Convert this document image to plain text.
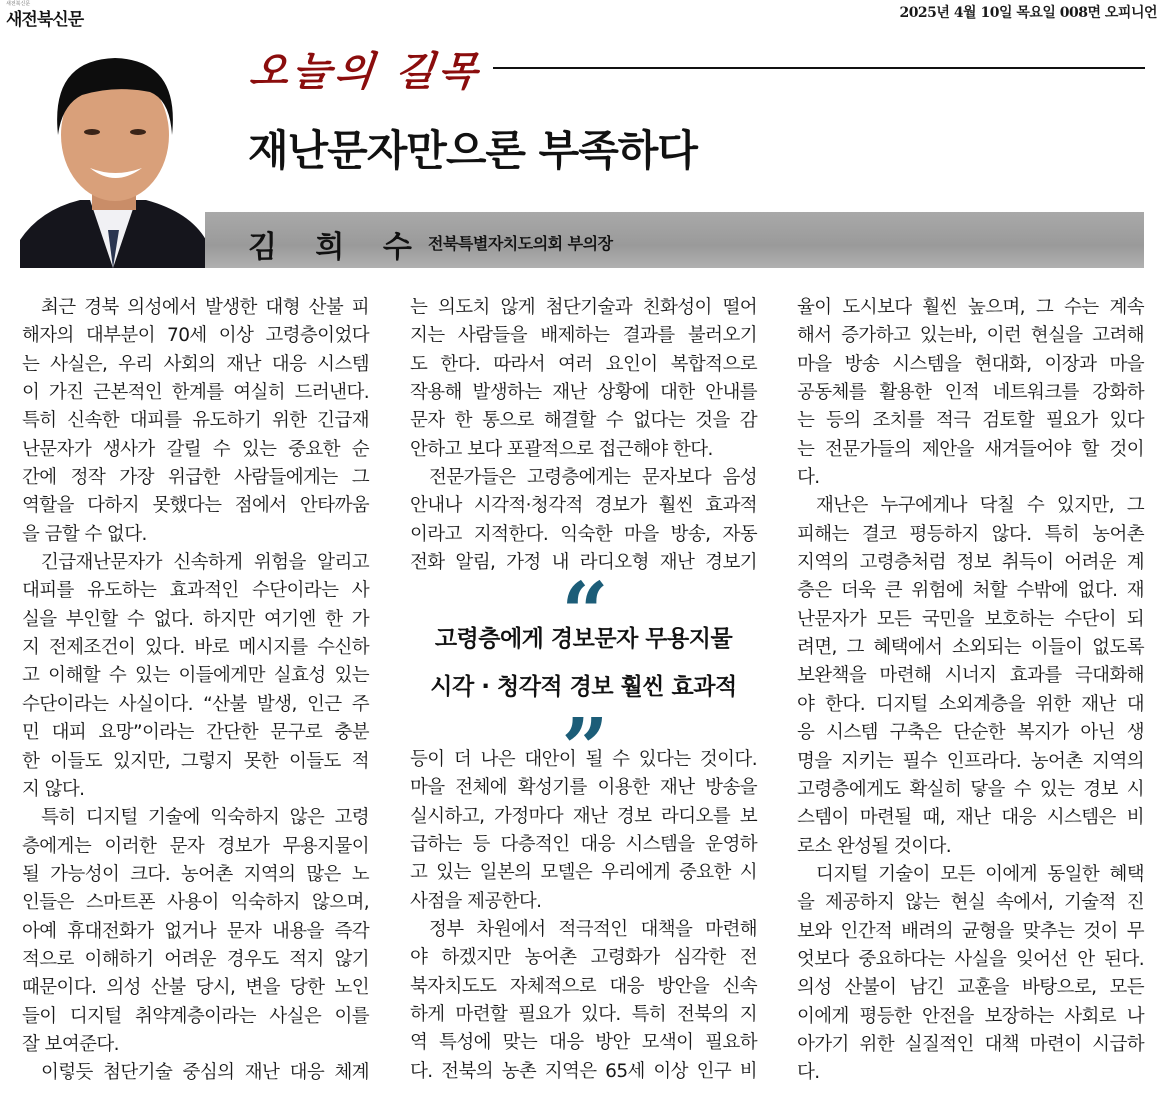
새전북신문
새전북신문	2025년 4월 10일 목요일 008면 오피니언
오늘의 길목
재난문자만으론 부족하다
김 희 수 전북특별자치도의회 부의장
최근 경북 의성에서 발생한 대형 산불 피
해자의 대부분이 70세 이상 고령층이었다
는 사실은, 우리 사회의 재난 대응 시스템
이 가진 근본적인 한계를 여실히 드러낸다.
특히 신속한 대피를 유도하기 위한 긴급재
난문자가 생사가 갈릴 수 있는 중요한 순
간에 정작 가장 위급한 사람들에게는 그
역할을 다하지 못했다는 점에서 안타까움
을 금할 수 없다.
긴급재난문자가 신속하게 위험을 알리고
대피를 유도하는 효과적인 수단이라는 사
실을 부인할 수 없다. 하지만 여기엔 한 가
지 전제조건이 있다. 바로 메시지를 수신하
고 이해할 수 있는 이들에게만 실효성 있는
수단이라는 사실이다. “산불 발생, 인근 주
민 대피 요망”이라는 간단한 문구로 충분
한 이들도 있지만, 그렇지 못한 이들도 적
지 않다.
특히 디지털 기술에 익숙하지 않은 고령
층에게는 이러한 문자 경보가 무용지물이
될 가능성이 크다. 농어촌 지역의 많은 노
인들은 스마트폰 사용이 익숙하지 않으며,
아예 휴대전화가 없거나 문자 내용을 즉각
적으로 이해하기 어려운 경우도 적지 않기
때문이다. 의성 산불 당시, 변을 당한 노인
들이 디지털 취약계층이라는 사실은 이를
잘 보여준다.
이렇듯 첨단기술 중심의 재난 대응 체계
는 의도치 않게 첨단기술과 친화성이 떨어
지는 사람들을 배제하는 결과를 불러오기
도 한다. 따라서 여러 요인이 복합적으로
작용해 발생하는 재난 상황에 대한 안내를
문자 한 통으로 해결할 수 없다는 것을 감
안하고 보다 포괄적으로 접근해야 한다.
전문가들은 고령층에게는 문자보다 음성
안내나 시각적·청각적 경보가 훨씬 효과적
이라고 지적한다. 익숙한 마을 방송, 자동
전화 알림, 가정 내 라디오형 재난 경보기
등이 더 나은 대안이 될 수 있다는 것이다.
마을 전체에 확성기를 이용한 재난 방송을
실시하고, 가정마다 재난 경보 라디오를 보
급하는 등 다층적인 대응 시스템을 운영하
고 있는 일본의 모델은 우리에게 중요한 시
사점을 제공한다.
정부 차원에서 적극적인 대책을 마련해
야 하겠지만 농어촌 고령화가 심각한 전
북자치도도 자체적으로 대응 방안을 신속
하게 마련할 필요가 있다. 특히 전북의 지
역 특성에 맞는 대응 방안 모색이 필요하
다. 전북의 농촌 지역은 65세 이상 인구 비
율이 도시보다 훨씬 높으며, 그 수는 계속
해서 증가하고 있는바, 이런 현실을 고려해
마을 방송 시스템을 현대화, 이장과 마을
공동체를 활용한 인적 네트워크를 강화하
는 등의 조치를 적극 검토할 필요가 있다
는 전문가들의 제안을 새겨들어야 할 것이
다.
재난은 누구에게나 닥칠 수 있지만, 그
피해는 결코 평등하지 않다. 특히 농어촌
지역의 고령층처럼 정보 취득이 어려운 계
층은 더욱 큰 위험에 처할 수밖에 없다. 재
난문자가 모든 국민을 보호하는 수단이 되
려면, 그 혜택에서 소외되는 이들이 없도록
보완책을 마련해 시너지 효과를 극대화해
야 한다. 디지털 소외계층을 위한 재난 대
응 시스템 구축은 단순한 복지가 아닌 생
명을 지키는 필수 인프라다. 농어촌 지역의
고령층에게도 확실히 닿을 수 있는 경보 시
스템이 마련될 때, 재난 대응 시스템은 비
로소 완성될 것이다.
디지털 기술이 모든 이에게 동일한 혜택
을 제공하지 않는 현실 속에서, 기술적 진
보와 인간적 배려의 균형을 맞추는 것이 무
엇보다 중요하다는 사실을 잊어선 안 된다.
의성 산불이 남긴 교훈을 바탕으로, 모든
이에게 평등한 안전을 보장하는 사회로 나
아가기 위한 실질적인 대책 마련이 시급하
다.
“
고령층에게 경보문자 무용지물
시각 · 청각적 경보 훨씬 효과적
”
